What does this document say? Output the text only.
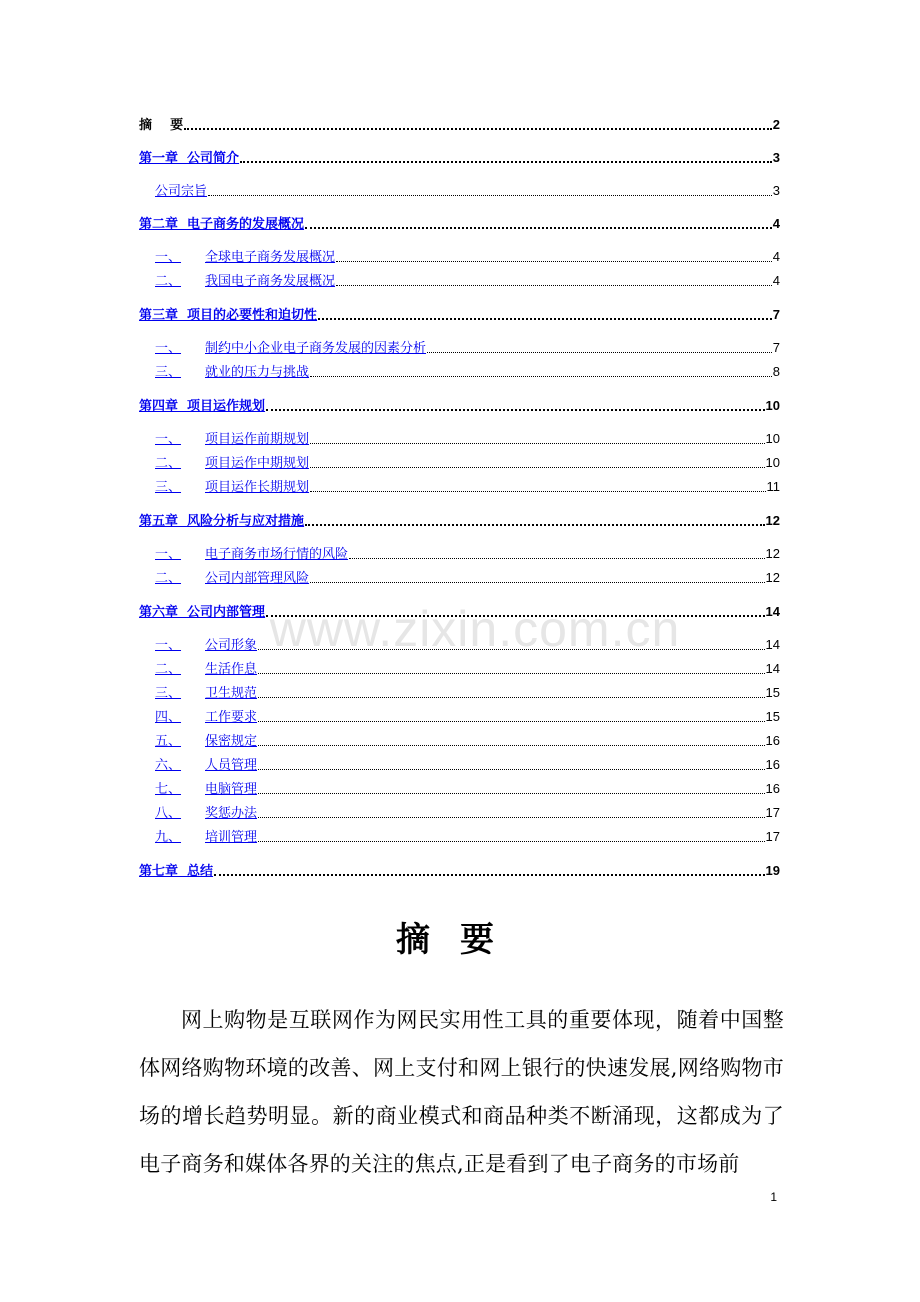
摘    要	2
第一章  公司简介	3
公司宗旨	3
第二章  电子商务的发展概况	4
一、	全球电子商务发展概况	4
二、	我国电子商务发展概况	4
第三章  项目的必要性和迫切性	7
一、	制约中小企业电子商务发展的因素分析	7
三、	就业的压力与挑战	8
第四章  项目运作规划	10
一、	项目运作前期规划	10
二、	项目运作中期规划	10
三、	项目运作长期规划	11
第五章  风险分析与应对措施	12
一、	电子商务市场行情的风险	12
二、	公司内部管理风险	12
第六章  公司内部管理	14
一、	公司形象	14
二、	生活作息	14
三、	卫生规范	15
四、	工作要求	15
五、	保密规定	16
六、	人员管理	16
七、	电脑管理	16
八、	奖惩办法	17
九、	培训管理	17
第七章  总结	19
www.zixin.com.cn
摘要
网上购物是互联网作为网民实用性工具的重要体现，随着中国整体网络购物环境的改善、网上支付和网上银行的快速发展,网络购物市场的增长趋势明显。新的商业模式和商品种类不断涌现，这都成为了电子商务和媒体各界的关注的焦点,正是看到了电子商务的市场前
1
